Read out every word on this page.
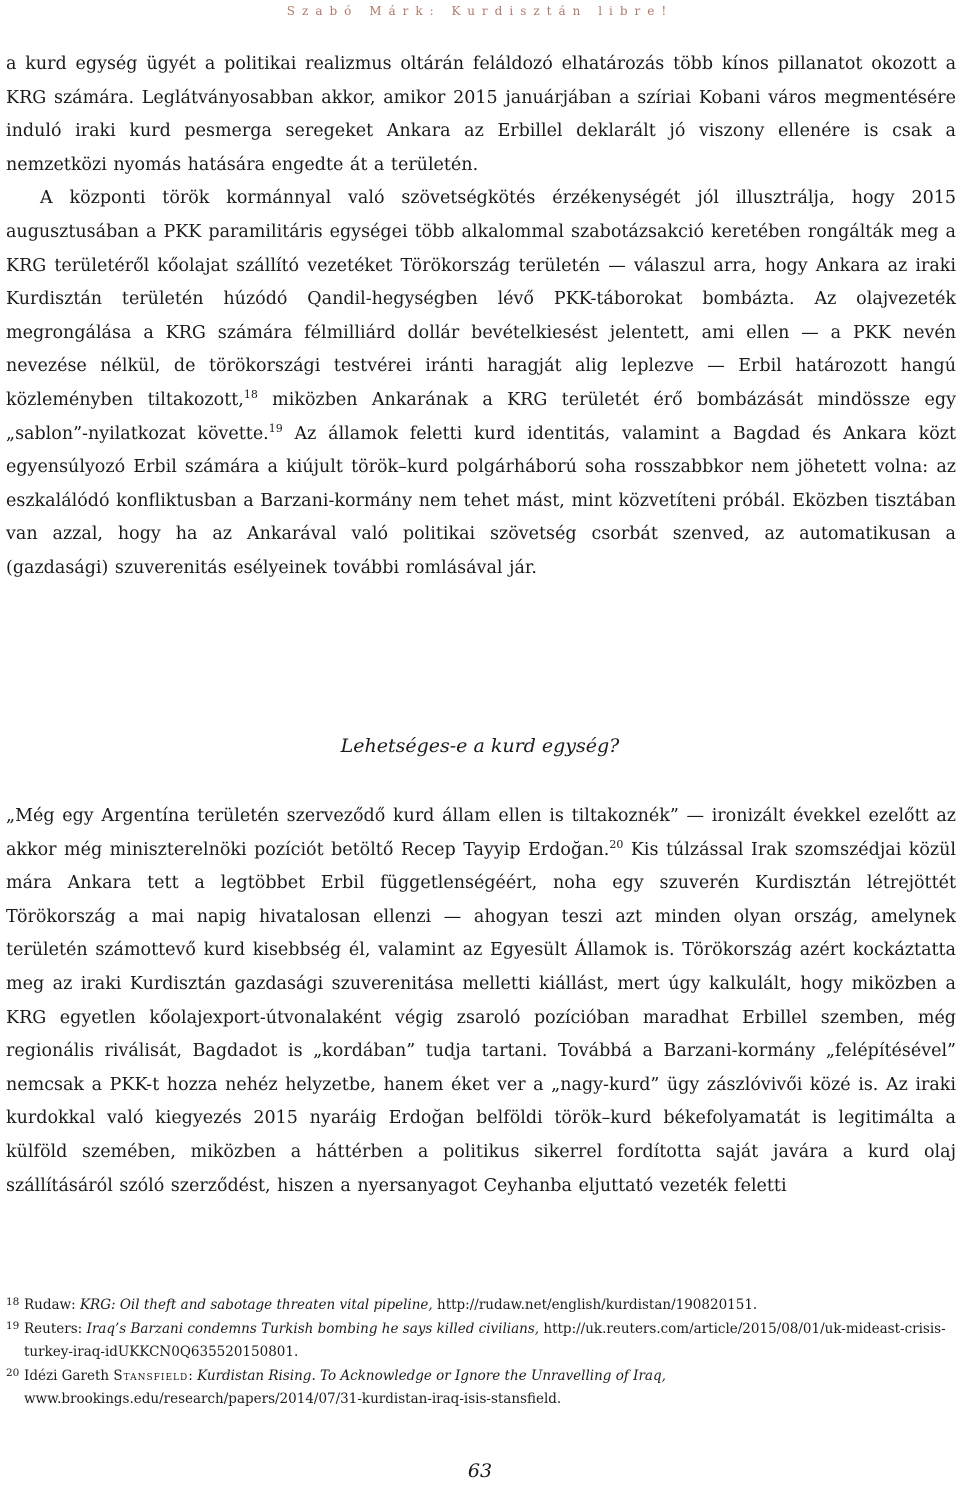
Szabó Márk: Kurdisztán libre!

a kurd egység ügyét a politikai realizmus oltárán feláldozó elhatározás több kínos pillanatot okozott a KRG számára. Leglátványosabban akkor, amikor 2015 januárjában a szíriai Kobani város megmentésére induló iraki kurd pesmerga seregeket Ankara az Erbillel deklarált jó viszony ellenére is csak a nemzetközi nyomás hatására engedte át a területén.

A központi török kormánnyal való szövetségkötés érzékenységét jól illusztrálja, hogy 2015 augusztusában a PKK paramilitáris egységei több alkalommal szabotázsakció keretében rongálták meg a KRG területéről kőolajat szállító vezetéket Törökország területén — válaszul arra, hogy Ankara az iraki Kurdisztán területén húzódó Qandil-hegységben lévő PKK-táborokat bombázta. Az olajvezeték megrongálása a KRG számára félmilliárd dollár bevételkiesést jelentett, ami ellen — a PKK nevén nevezése nélkül, de törökországi testvérei iránti haragját alig leplezve — Erbil határozott hangú közleményben tiltakozott,$^{18}$ miközben Ankarának a KRG területét érő bombázását mindössze egy „sablon”-nyilatkozat követte.$^{19}$ Az államok feletti kurd identitás, valamint a Bagdad és Ankara közt egyensúlyozó Erbil számára a kiújult török–kurd polgárháború soha rosszabbkor nem jöhetett volna: az eszkalálódó konfliktusban a Barzani-kormány nem tehet mást, mint közvetíteni próbál. Eközben tisztában van azzal, hogy ha az Ankarával való politikai szövetség csorbát szenved, az automatikusan a (gazdasági) szuverenitás esélyeinek további romlásával jár.

Lehetséges-e a kurd egység?

„Még egy Argentína területén szerveződő kurd állam ellen is tiltakoznék” — ironizált évekkel ezelőtt az akkor még miniszterelnöki pozíciót betöltő Recep Tayyip Erdoğan.$^{20}$ Kis túlzással Irak szomszédjai közül mára Ankara tett a legtöbbet Erbil függetlenségéért, noha egy szuverén Kurdisztán létrejöttét Törökország a mai napig hivatalosan ellenzi — ahogyan teszi azt minden olyan ország, amelynek területén számottevő kurd kisebbség él, valamint az Egyesült Államok is. Törökország azért kockáztatta meg az iraki Kurdisztán gazdasági szuverenitása melletti kiállást, mert úgy kalkulált, hogy miközben a KRG egyetlen kőolajexport-útvonalaként végig zsaroló pozícióban maradhat Erbillel szemben, még regionális riválisát, Bagdadot is „kordában” tudja tartani. Továbbá a Barzani-kormány „felépítésével” nemcsak a PKK-t hozza nehéz helyzetbe, hanem éket ver a „nagy-kurd” ügy zászlóvivői közé is. Az iraki kurdokkal való kiegyezés 2015 nyaráig Erdoğan belföldi török–kurd békefolyamatát is legitimálta a külföld szemében, miközben a háttérben a politikus sikerrel fordította saját javára a kurd olaj szállításáról szóló szerződést, hiszen a nyersanyagot Ceyhanba eljuttató vezeték feletti

18 Rudaw: KRG: Oil theft and sabotage threaten vital pipeline, http://rudaw.net/english/kurdistan/190820151.
19 Reuters: Iraq’s Barzani condemns Turkish bombing he says killed civilians, http://uk.reuters.com/article/2015/08/01/uk-mideast-crisis-turkey-iraq-idUKKCN0Q635520150801.
20 Idézi Gareth Stansfield: Kurdistan Rising. To Acknowledge or Ignore the Unravelling of Iraq, www.brookings.edu/research/papers/2014/07/31-kurdistan-iraq-isis-stansfield.
63
